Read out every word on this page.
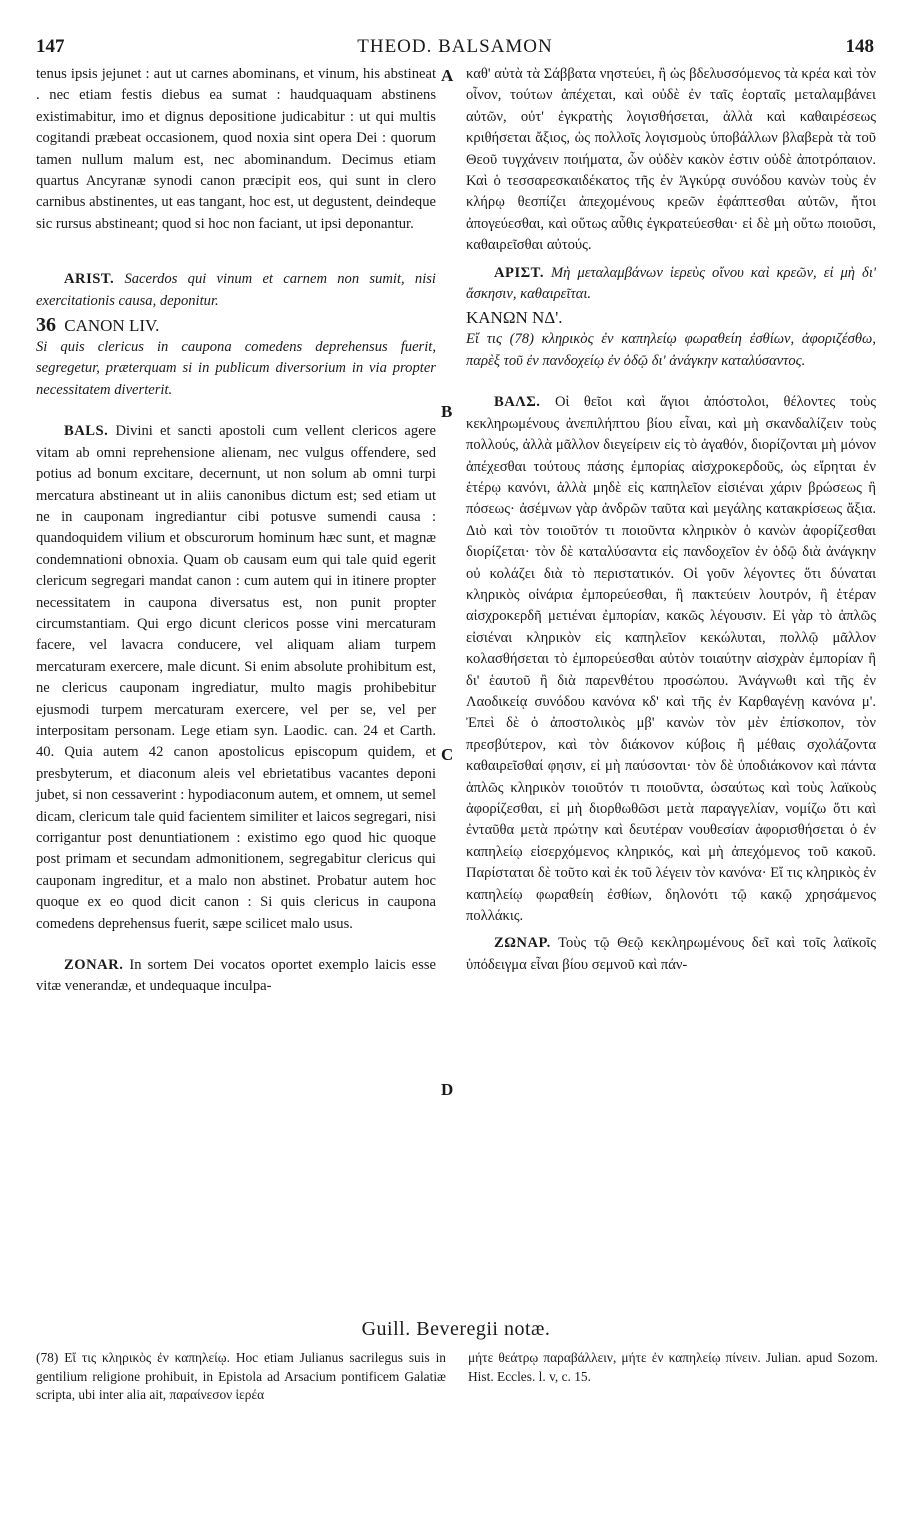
147	THEOD. BALSAMON	148

tenus ipsis jejunet : aut ut carnes abominans, et vinum, his abstineat . nec etiam festis diebus ea sumat : haudquaquam abstinens existimabitur, imo et dignus depositione judicabitur : ut qui multis cogitandi præbeat occasionem, quod noxia sint opera Dei : quorum tamen nullum malum est, nec abominandum. Decimus etiam quartus Ancyranæ synodi canon præcipit eos, qui sunt in clero carnibus abstinentes, ut eas tangant, hoc est, ut degustent, deindeque sic rursus abstineant; quod si hoc non faciant, ut ipsi deponantur.

ARIST. Sacerdos qui vinum et carnem non sumit, nisi exercitationis causa, deponitur.

36 CANON LIV.

Si quis clericus in caupona comedens deprehensus fuerit, segregetur, præterquam si in publicum diversorium in via propter necessitatem diverterit.

BALS. Divini et sancti apostoli cum vellent clericos agere vitam ab omni reprehensione alienam, nec vulgus offendere, sed potius ad bonum excitare, decernunt, ut non solum ab omni turpi mercatura abstineant ut in aliis canonibus dictum est; sed etiam ut ne in cauponam ingrediantur cibi potusve sumendi causa : quandoquidem vilium et obscurorum hominum hæc sunt, et magnæ condemnationi obnoxia. Quam ob causam eum qui tale quid egerit clericum segregari mandat canon : cum autem qui in itinere propter necessitatem in caupona diversatus est, non punit propter circumstantiam. Qui ergo dicunt clericos posse vini mercaturam facere, vel lavacra conducere, vel aliquam aliam turpem mercaturam exercere, male dicunt. Si enim absolute prohibitum est, ne clericus cauponam ingrediatur, multo magis prohibebitur ejusmodi turpem mercaturam exercere, vel per se, vel per interpositam personam. Lege etiam syn. Laodic. can. 24 et Carth. 40. Quia autem 42 canon apostolicus episcopum quidem, et presbyterum, et diaconum aleis vel ebrietatibus vacantes deponi jubet, si non cessaverint : hypodiaconum autem, et omnem, ut semel dicam, clericum tale quid facientem similiter et laicos segregari, nisi corrigantur post denuntiationem : existimo ego quod hic quoque post primam et secundam admonitionem, segregabitur clericus qui cauponam ingreditur, et a malo non abstinet. Probatur autem hoc quoque ex eo quod dicit canon : Si quis clericus in caupona comedens deprehensus fuerit, sæpe scilicet malo usus.

ZONAR. In sortem Dei vocatos oportet exemplo laicis esse vitæ venerandæ, et undequaque inculpa-

A
B
C
D

καθ' αὑτὰ τὰ Σάββατα νηστεύει, ἢ ὡς βδελυσσόμενος τὰ κρέα καὶ τὸν οἶνον, τούτων ἀπέχεται, καὶ οὐδὲ ἐν ταῖς ἑορταῖς μεταλαμβάνει αὐτῶν, οὐτ' ἐγκρατὴς λογισθήσεται, ἀλλὰ καὶ καθαιρέσεως κριθήσεται ἄξιος, ὡς πολλοῖς λογισμοὺς ὑποβάλλων βλαβερὰ τὰ τοῦ Θεοῦ τυγχάνειν ποιήματα, ὧν οὐδὲν κακὸν ἐστιν οὐδὲ ἀποτρόπαιον. Καὶ ὁ τεσσαρεσκαιδέκατος τῆς ἐν Ἀγκύρᾳ συνόδου κανὼν τοὺς ἐν κλήρῳ θεσπίζει ἀπεχομένους κρεῶν ἐφάπτεσθαι αὐτῶν, ἤτοι ἀπογεύεσθαι, καὶ οὕτως αὖθις ἐγκρατεύεσθαι· εἰ δὲ μὴ οὕτω ποιοῦσι, καθαιρεῖσθαι αὐτούς.

ΑΡΙΣΤ. Μὴ μεταλαμβάνων ἱερεὺς οἴνου καὶ κρεῶν, εἰ μὴ δι' ἄσκησιν, καθαιρεῖται.

ΚΑΝΩΝ ΝΔ'.

Εἴ τις (78) κληρικὸς ἐν καπηλείῳ φωραθείη ἐσθίων, ἀφοριζέσθω, παρὲξ τοῦ ἐν πανδοχείῳ ἐν ὁδῷ δι' ἀνάγκην καταλύσαντος.

ΒΑΛΣ. Οἱ θεῖοι καὶ ἅγιοι ἀπόστολοι, θέλοντες τοὺς κεκληρωμένους ἀνεπιλήπτου βίου εἶναι, καὶ μὴ σκανδαλίζειν τοὺς πολλούς, ἀλλὰ μᾶλλον διεγείρειν εἰς τὸ ἀγαθόν, διορίζονται μὴ μόνον ἀπέχεσθαι τούτους πάσης ἐμπορίας αἰσχροκερδοῦς, ὡς εἴρηται ἐν ἑτέρῳ κανόνι, ἀλλὰ μηδὲ εἰς καπηλεῖον εἰσιέναι χάριν βρώσεως ἢ πόσεως· ἀσέμνων γὰρ ἀνδρῶν ταῦτα καὶ μεγάλης κατακρίσεως ἄξια. Διὸ καὶ τὸν τοιοῦτόν τι ποιοῦντα κληρικὸν ὁ κανὼν ἀφορίζεσθαι διορίζεται· τὸν δὲ καταλύσαντα εἰς πανδοχεῖον ἐν ὁδῷ διὰ ἀνάγκην οὐ κολάζει διὰ τὸ περιστατικόν. Οἱ γοῦν λέγοντες ὅτι δύναται κληρικὸς οἰνάρια ἐμπορεύεσθαι, ἢ πακτεύειν λουτρόν, ἢ ἑτέραν αἰσχροκερδῆ μετιέναι ἐμπορίαν, κακῶς λέγουσιν. Εἰ γὰρ τὸ ἁπλῶς εἰσιέναι κληρικὸν εἰς καπηλεῖον κεκώλυται, πολλῷ μᾶλλον κολασθήσεται τὸ ἐμπορεύεσθαι αὐτὸν τοιαύτην αἰσχρὰν ἐμπορίαν ἢ δι' ἑαυτοῦ ἢ διὰ παρενθέτου προσώπου. Ἀνάγνωθι καὶ τῆς ἐν Λαοδικείᾳ συνόδου κανόνα κδ' καὶ τῆς ἐν Καρθαγένῃ κανόνα μ'. Ἐπεὶ δὲ ὁ ἀποστολικὸς μβ' κανὼν τὸν μὲν ἐπίσκοπον, τὸν πρεσβύτερον, καὶ τὸν διάκονον κύβοις ἢ μέθαις σχολάζοντα καθαιρεῖσθαί φησιν, εἰ μὴ παύσονται· τὸν δὲ ὑποδιάκονον καὶ πάντα ἁπλῶς κληρικὸν τοιοῦτόν τι ποιοῦντα, ὡσαύτως καὶ τοὺς λαϊκοὺς ἀφορίζεσθαι, εἰ μὴ διορθωθῶσι μετὰ παραγγελίαν, νομίζω ὅτι καὶ ἐνταῦθα μετὰ πρώτην καὶ δευτέραν νουθεσίαν ἀφορισθήσεται ὁ ἐν καπηλείῳ εἰσερχόμενος κληρικός, καὶ μὴ ἀπεχόμενος τοῦ κακοῦ. Παρίσταται δὲ τοῦτο καὶ ἐκ τοῦ λέγειν τὸν κανόνα· Εἴ τις κληρικὸς ἐν καπηλείῳ φωραθείη ἐσθίων, δηλονότι τῷ κακῷ χρησάμενος πολλάκις.

ΖΩΝΑΡ. Τοὺς τῷ Θεῷ κεκληρωμένους δεῖ καὶ τοῖς λαϊκοῖς ὑπόδειγμα εἶναι βίου σεμνοῦ καὶ πάν-

Guill. Beveregii notæ.

(78) Εἴ τις κληρικὸς ἐν καπηλείῳ. Hoc etiam Julianus sacrilegus suis in gentilium religione prohibuit, in Epistola ad Arsacium pontificem Galatiæ scripta, ubi inter alia ait, παραίνεσον ἱερέα

μήτε θεάτρῳ παραβάλλειν, μήτε ἐν καπηλείῳ πίνειν. Julian. apud Sozom. Hist. Eccles. l. v, c. 15.
